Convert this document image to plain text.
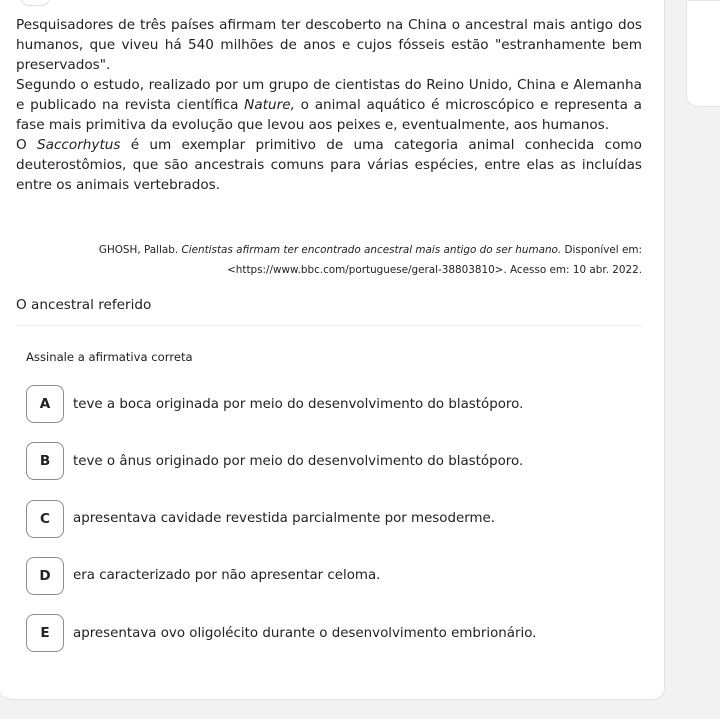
Pesquisadores de três países afirmam ter descoberto na China o ancestral mais antigo dos humanos, que viveu há 540 milhões de anos e cujos fósseis estão "estranhamente bem preservados".

Segundo o estudo, realizado por um grupo de cientistas do Reino Unido, China e Alemanha e publicado na revista científica Nature, o animal aquático é microscópico e representa a fase mais primitiva da evolução que levou aos peixes e, eventualmente, aos humanos.

O Saccorhytus é um exemplar primitivo de uma categoria animal conhecida como deuterostômios, que são ancestrais comuns para várias espécies, entre elas as incluídas entre os animais vertebrados.

GHOSH, Pallab. Cientistas afirmam ter encontrado ancestral mais antigo do ser humano. Disponível em:
<https://www.bbc.com/portuguese/geral-38803810>. Acesso em: 10 abr. 2022.
O ancestral referido
Assinale a afirmativa correta
A	teve a boca originada por meio do desenvolvimento do blastóporo.
B	teve o ânus originado por meio do desenvolvimento do blastóporo.
C	apresentava cavidade revestida parcialmente por mesoderme.
D	era caracterizado por não apresentar celoma.
E	apresentava ovo oligolécito durante o desenvolvimento embrionário.
